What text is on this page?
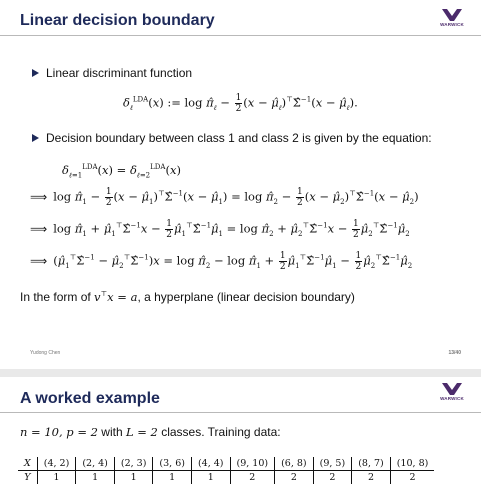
Linear decision boundary	WARWICK
Linear discriminant function
$\delta_\ell^{LDA}(x)$ := $\log \pî_\ell - \frac{1}{2} (x$ − $\mû_\ell)^⊤\Sigmâ^{-1}(x$ − $\mû_\ell$).
Decision boundary between class 1 and class 2 is given by the equation:
$\delta_{\ell=1}^{LDA}(x) = \delta_{\ell=2}^{LDA}(x)$
⟹ $\log \pî_1 - \frac{1}{2} (x$ − $\mû_1)^⊤\Sigmâ^{-1}(x$ − $\mû_1) = \log$ $\pî_2 - \frac{1}{2} (x$ − $\mû_2)^⊤\Sigmâ^{-1}(x$ − $\mû_2$)
⟹ $\log \pî_1$ + $\mû_1^⊤\Sigmâ^{-1}x - \frac{1}{2}$ $\mû_1^⊤\Sigmâ^{-1}\mû_1 = \log$ $\pî_2$ + $\mû_2^⊤\Sigmâ^{-1}x - \frac{1}{2}$ $\mû_2^⊤\Sigmâ^{-1}\mû_2$
⟹ ($\mû_1^⊤\Sigmâ^{-1}$ − $\mû_2^⊤\Sigmâ^{-1})x = \log$ $\pî_2 - \log$ $\pî_1 + \frac{1}{2}$ $\mû_1^⊤\Sigmâ^{-1}\mû_1 - \frac{1}{2}$ $\mû_2^⊤\Sigmâ^{-1}\mû_2$
In the form of v⊤x = a, a hyperplane (linear decision boundary)
Yudong Chen	13/40
A worked example	WARWICK
n = 10, p = 2 with L = 2 classes. Training data:
X	(4, 2)	(2, 4)	(2, 3)	(3, 6)	(4, 4)	(9, 10)	(6, 8)	(9, 5)	(8, 7)	(10, 8)
Y	1	1	1	1	1	2	2	2	2	2
